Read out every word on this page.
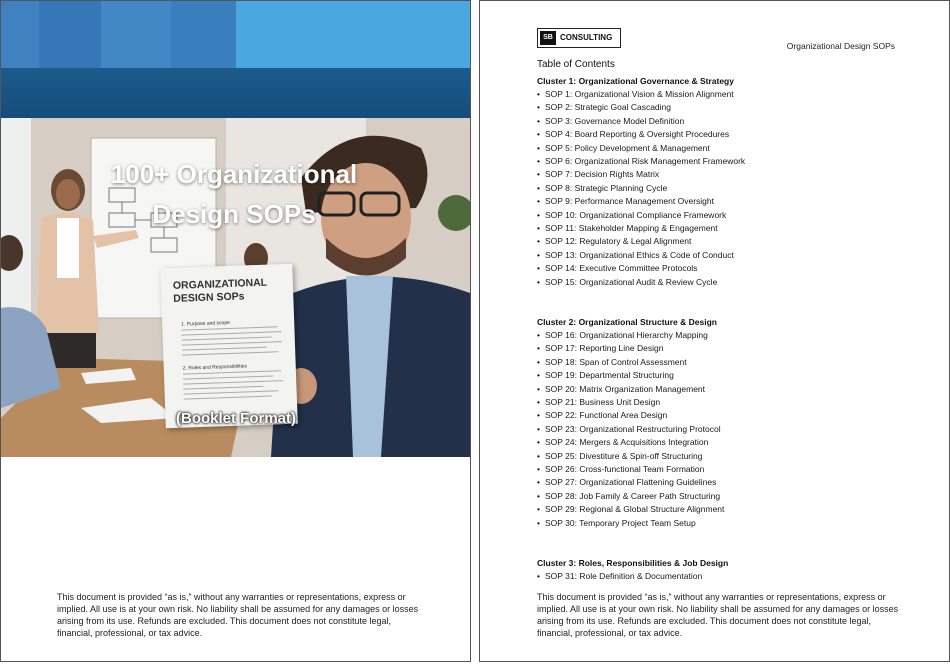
ORGANIZATIONAL DESIGN SOPs
1. Purpose and scope
2. Roles and Responsibilities
100+ Organizational Design SOPs
(Booklet Format)

This document is provided “as is,” without any warranties or representations, express or implied. All use is at your own risk. No liability shall be assumed for any damages or losses arising from its use. Refunds are excluded. This document does not constitute legal, financial, professional, or tax advice.

SB CONSULTING
Organizational Design SOPs
Table of Contents
Cluster 1: Organizational Governance & Strategy
• SOP 1: Organizational Vision & Mission Alignment
• SOP 2: Strategic Goal Cascading
• SOP 3: Governance Model Definition
• SOP 4: Board Reporting & Oversight Procedures
• SOP 5: Policy Development & Management
• SOP 6: Organizational Risk Management Framework
• SOP 7: Decision Rights Matrix
• SOP 8: Strategic Planning Cycle
• SOP 9: Performance Management Oversight
• SOP 10: Organizational Compliance Framework
• SOP 11: Stakeholder Mapping & Engagement
• SOP 12: Regulatory & Legal Alignment
• SOP 13: Organizational Ethics & Code of Conduct
• SOP 14: Executive Committee Protocols
• SOP 15: Organizational Audit & Review Cycle
Cluster 2: Organizational Structure & Design
• SOP 16: Organizational Hierarchy Mapping
• SOP 17: Reporting Line Design
• SOP 18: Span of Control Assessment
• SOP 19: Departmental Structuring
• SOP 20: Matrix Organization Management
• SOP 21: Business Unit Design
• SOP 22: Functional Area Design
• SOP 23: Organizational Restructuring Protocol
• SOP 24: Mergers & Acquisitions Integration
• SOP 25: Divestiture & Spin-off Structuring
• SOP 26: Cross-functional Team Formation
• SOP 27: Organizational Flattening Guidelines
• SOP 28: Job Family & Career Path Structuring
• SOP 29: Regional & Global Structure Alignment
• SOP 30: Temporary Project Team Setup
Cluster 3: Roles, Responsibilities & Job Design
• SOP 31: Role Definition & Documentation

This document is provided “as is,” without any warranties or representations, express or implied. All use is at your own risk. No liability shall be assumed for any damages or losses arising from its use. Refunds are excluded. This document does not constitute legal, financial, professional, or tax advice.
